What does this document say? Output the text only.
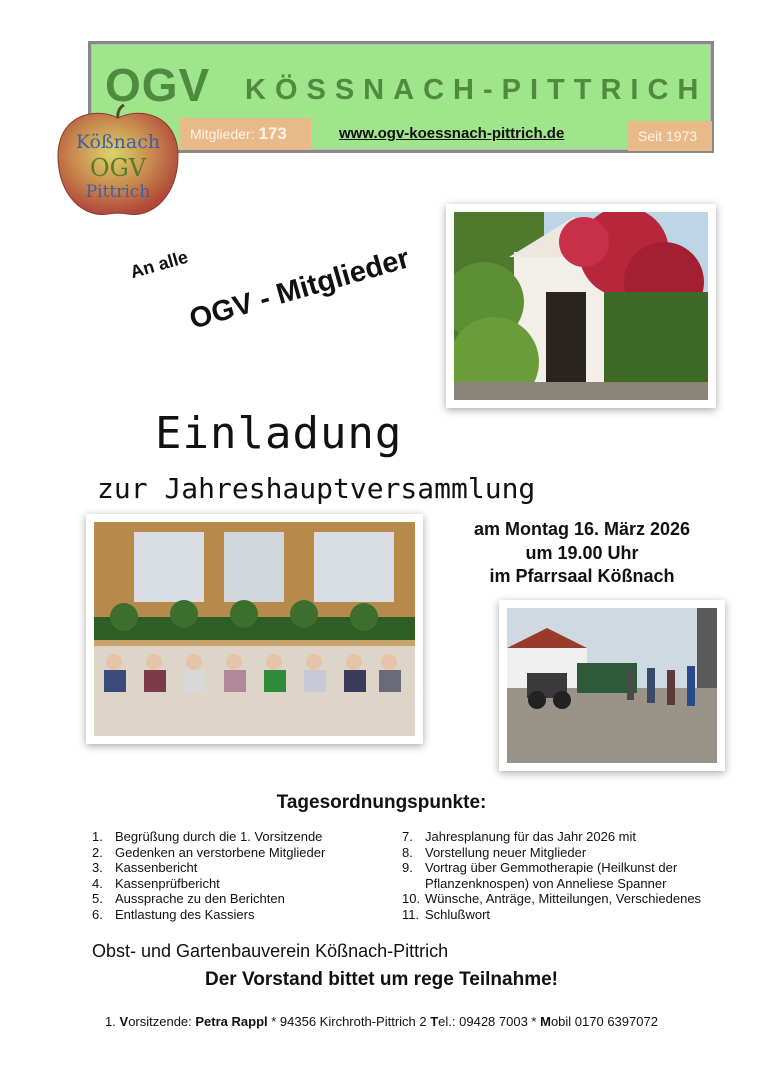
OGV KÖSSNACH-PITTRICH
Mitglieder: 173	www.ogv-koessnach-pittrich.de	Seit 1973
Kößnach
OGV
Pittrich
An alle
OGV - Mitglieder
Einladung
zur Jahreshauptversammlung
am Montag 16. März 2026
um 19.00 Uhr
im Pfarrsaal Kößnach
Tagesordnungspunkte:
1. Begrüßung durch die 1. Vorsitzende
2. Gedenken an verstorbene Mitglieder
3. Kassenbericht
4. Kassenprüfbericht
5. Aussprache zu den Berichten
6. Entlastung des Kassiers
7. Jahresplanung für das Jahr 2026 mit
8. Vorstellung neuer Mitglieder
9. Vortrag über Gemmotherapie (Heilkunst der Pflanzenknospen) von Anneliese Spanner
10. Wünsche, Anträge, Mitteilungen, Verschiedenes
11. Schlußwort
Obst- und Gartenbauverein Kößnach-Pittrich
Der Vorstand bittet um rege Teilnahme!
1. Vorsitzende: Petra Rappl * 94356 Kirchroth-Pittrich 2 Tel.: 09428 7003 * Mobil 0170 6397072
